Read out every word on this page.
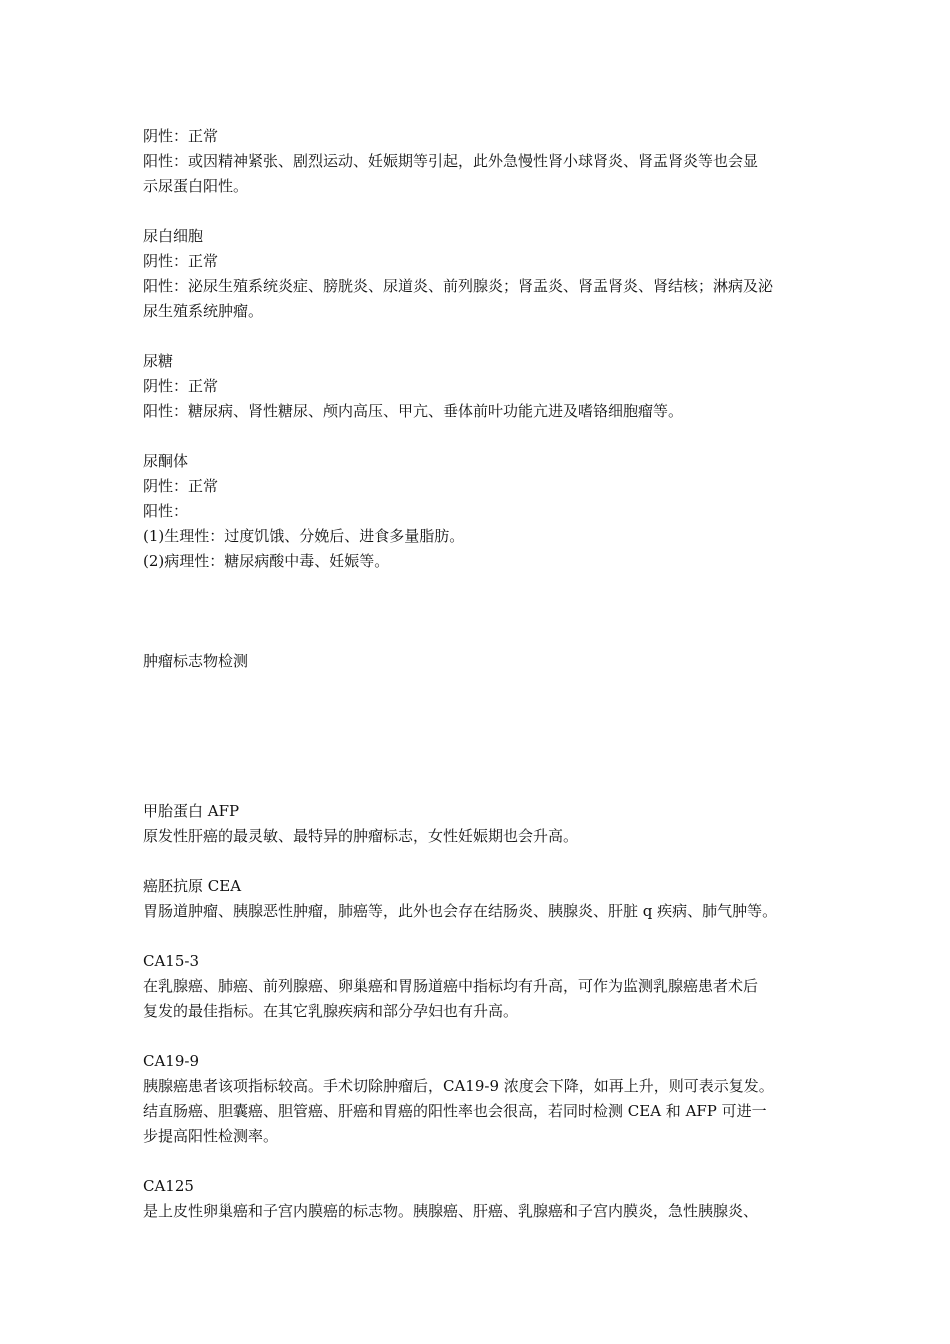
阴性：正常
阳性：或因精神紧张、剧烈运动、妊娠期等引起，此外急慢性肾小球肾炎、肾盂肾炎等也会显
示尿蛋白阳性。
尿白细胞
阴性：正常
阳性：泌尿生殖系统炎症、膀胱炎、尿道炎、前列腺炎；肾盂炎、肾盂肾炎、肾结核；淋病及泌
尿生殖系统肿瘤。
尿糖
阴性：正常
阳性：糖尿病、肾性糖尿、颅内高压、甲亢、垂体前叶功能亢进及嗜铬细胞瘤等。
尿酮体
阴性：正常
阳性：
(1)生理性：过度饥饿、分娩后、进食多量脂肪。
(2)病理性：糖尿病酸中毒、妊娠等。
肿瘤标志物检测
甲胎蛋白 AFP
原发性肝癌的最灵敏、最特异的肿瘤标志，女性妊娠期也会升高。
癌胚抗原 CEA
胃肠道肿瘤、胰腺恶性肿瘤，肺癌等，此外也会存在结肠炎、胰腺炎、肝脏 q 疾病、肺气肿等。
CA15-3
在乳腺癌、肺癌、前列腺癌、卵巢癌和胃肠道癌中指标均有升高，可作为监测乳腺癌患者术后
复发的最佳指标。在其它乳腺疾病和部分孕妇也有升高。
CA19-9
胰腺癌患者该项指标较高。手术切除肿瘤后，CA19-9 浓度会下降，如再上升，则可表示复发。
结直肠癌、胆囊癌、胆管癌、肝癌和胃癌的阳性率也会很高，若同时检测 CEA 和 AFP 可进一
步提高阳性检测率。
CA125
是上皮性卵巢癌和子宫内膜癌的标志物。胰腺癌、肝癌、乳腺癌和子宫内膜炎，急性胰腺炎、
